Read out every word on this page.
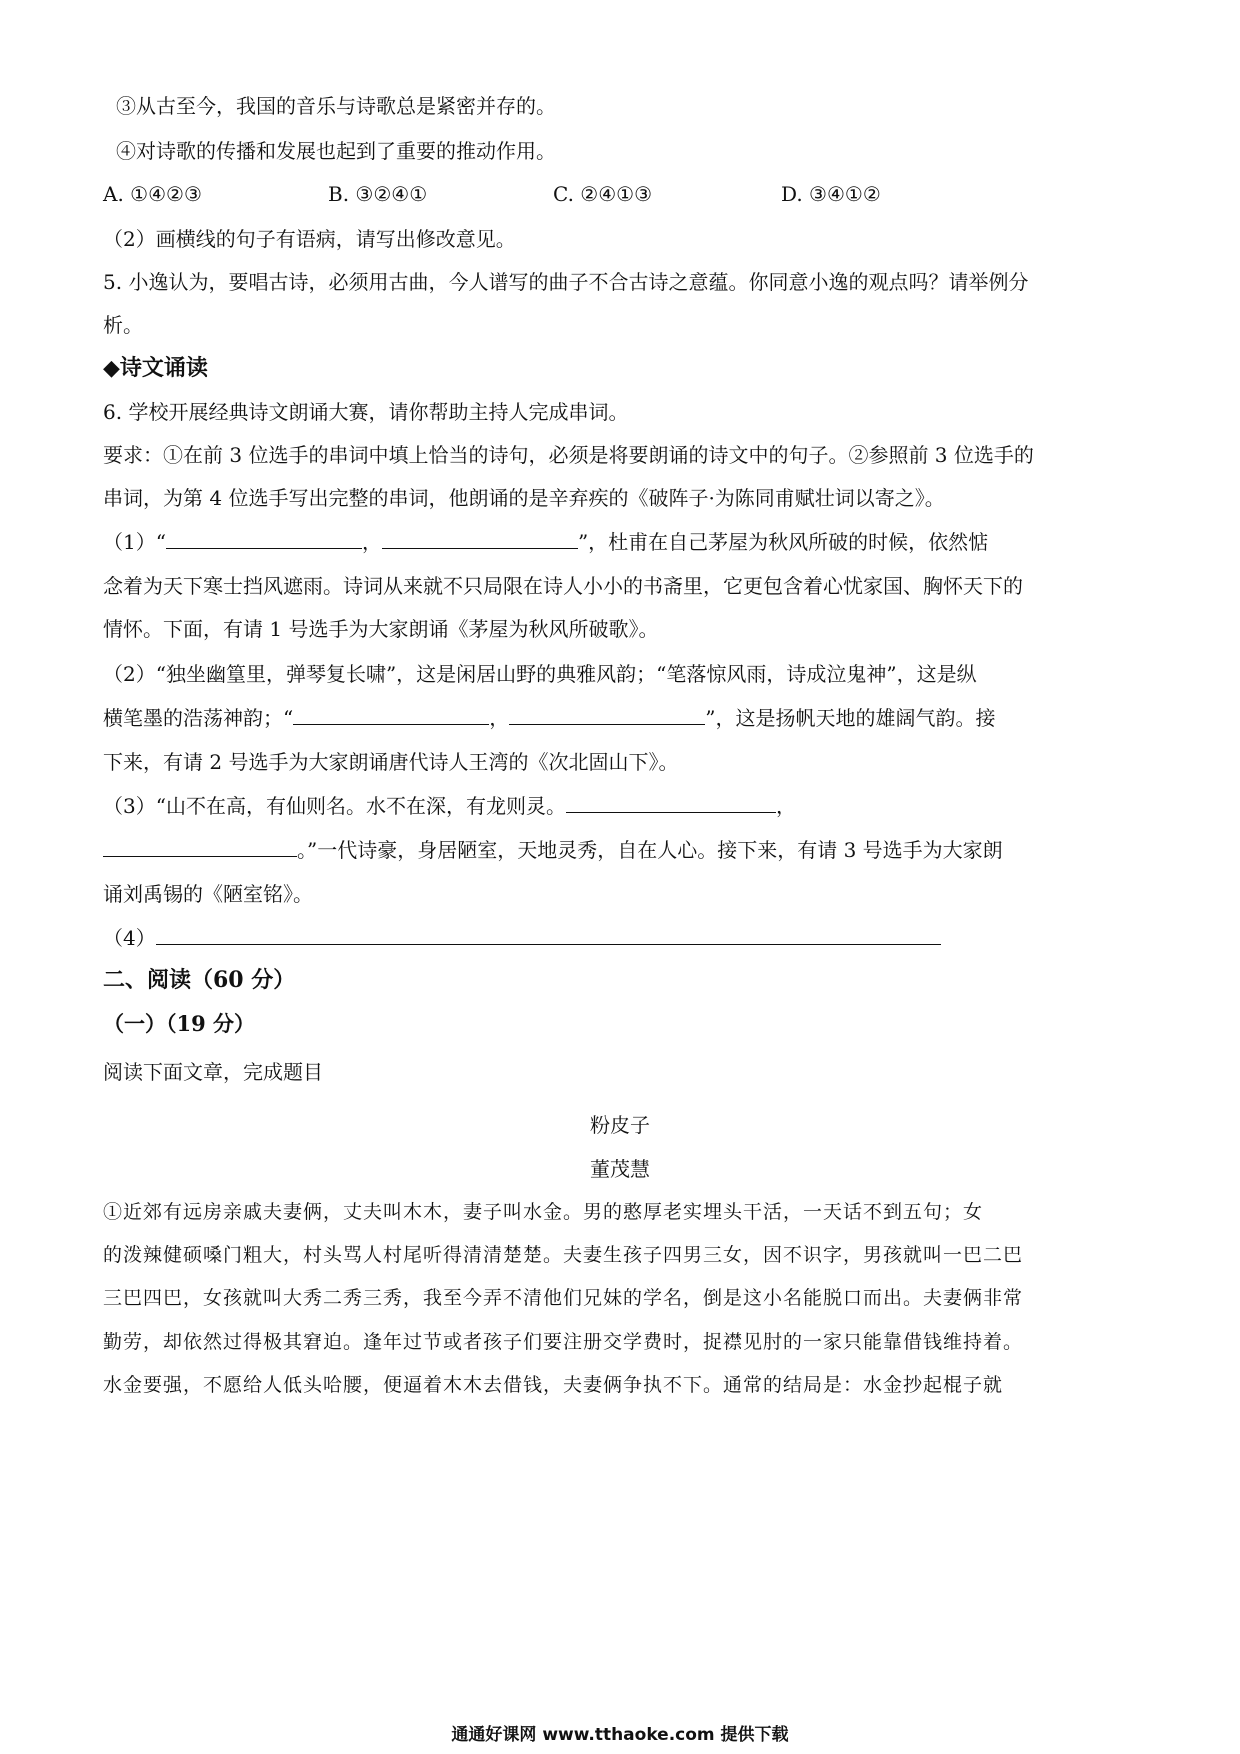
③从古至今，我国的音乐与诗歌总是紧密并存的。
④对诗歌的传播和发展也起到了重要的推动作用。
A. ①④②③	B. ③②④①	C. ②④①③	D. ③④①②
（2）画横线的句子有语病，请写出修改意见。
5. 小逸认为，要唱古诗，必须用古曲，今人谱写的曲子不合古诗之意蕴。你同意小逸的观点吗？请举例分
析。
◆诗文诵读
6. 学校开展经典诗文朗诵大赛，请你帮助主持人完成串词。
要求：①在前 3 位选手的串词中填上恰当的诗句，必须是将要朗诵的诗文中的句子。②参照前 3 位选手的
串词，为第 4 位选手写出完整的串词，他朗诵的是辛弃疾的《破阵子·为陈同甫赋壮词以寄之》。
（1）“	，	”，杜甫在自己茅屋为秋风所破的时候，依然惦
念着为天下寒士挡风遮雨。诗词从来就不只局限在诗人小小的书斋里，它更包含着心忧家国、胸怀天下的
情怀。下面，有请 1 号选手为大家朗诵《茅屋为秋风所破歌》。
（2）“独坐幽篁里，弹琴复长啸”，这是闲居山野的典雅风韵；“笔落惊风雨，诗成泣鬼神”，这是纵
横笔墨的浩荡神韵；“	，	”，这是扬帆天地的雄阔气韵。接
下来，有请 2 号选手为大家朗诵唐代诗人王湾的《次北固山下》。
（3）“山不在高，有仙则名。水不在深，有龙则灵。	，
。”一代诗豪，身居陋室，天地灵秀，自在人心。接下来，有请 3 号选手为大家朗
诵刘禹锡的《陋室铭》。
（4）
二、阅读（60 分）
（一）（19 分）
阅读下面文章，完成题目
粉皮子
董茂慧
①近郊有远房亲戚夫妻俩，丈夫叫木木，妻子叫水金。男的憨厚老实埋头干活，一天话不到五句；女
的泼辣健硕嗓门粗大，村头骂人村尾听得清清楚楚。夫妻生孩子四男三女，因不识字，男孩就叫一巴二巴
三巴四巴，女孩就叫大秀二秀三秀，我至今弄不清他们兄妹的学名，倒是这小名能脱口而出。夫妻俩非常
勤劳，却依然过得极其窘迫。逢年过节或者孩子们要注册交学费时，捉襟见肘的一家只能靠借钱维持着。
水金要强，不愿给人低头哈腰，便逼着木木去借钱，夫妻俩争执不下。通常的结局是：水金抄起棍子就
通通好课网 www.tthaoke.com 提供下载
